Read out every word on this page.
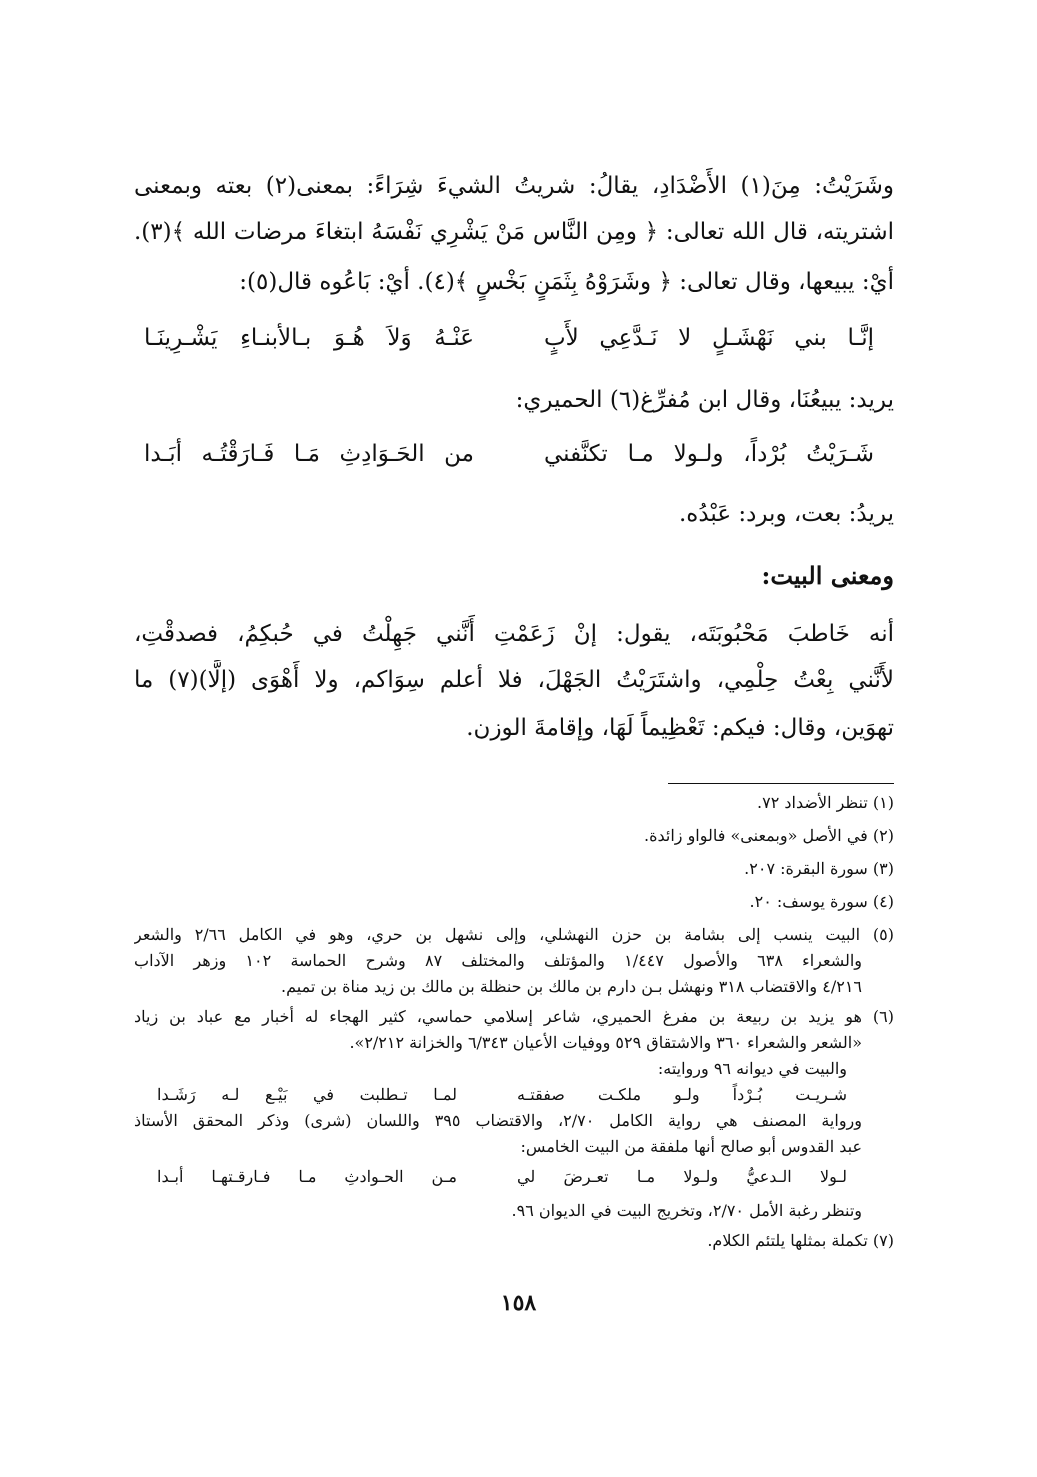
وشَرَيْتُ: مِنَ(١) الأَضْدَادِ، يقالُ: شريتُ الشيءَ شِرَاءً: بمعنى(٢) بعته وبمعنى
اشتريته، قال الله تعالى: ﴿ ومِن النَّاس مَنْ يَشْرِي نَفْسَهُ ابتغاءَ مرضات الله ﴾(٣).
أيْ: يبيعها، وقال تعالى: ﴿ وشَرَوْهُ بِثَمَنٍ بَخْسٍ ﴾(٤). أيْ: بَاعُوه قال(٥):
إنَّـا بني نَهْشَـلٍ لا نَـدَّعِي لأَبٍ
عَنْـهُ وَلاَ هُـوَ بـالأبنـاءِ يَشْـرِينَـا
يريد: يبيعُنَا، وقال ابن مُفرِّغ(٦) الحميري:
شَـرَيْتُ بُرْداً، ولـولا مـا تكنَّفني
من الحَـوَادِثِ مَـا فَـارَقْتُـه أبَـدا
يريدُ: بعت، وبرد: عَبْدُه.
ومعنى البيت:
أنه خَاطبَ مَحْبُوبَتَه، يقول: إنْ زَعَمْتِ أَنَّني جَهِلْتُ في حُبكِمُ، فصدقْتِ،
لأَنَّني بِعْتُ حِلْمِي، واشتَرَيْتُ الجَهْلَ، فلا أعلم سِوَاكم، ولا أَهْوَى (إلَّا)(٧) ما
تهوَين، وقال: فيكم: تَعْظِيماً لَهَا، وإقامةَ الوزن.
(١) تنظر الأضداد ٧٢.
(٢) في الأصل «وبمعنى» فالواو زائدة.
(٣) سورة البقرة: ٢٠٧.
(٤) سورة يوسف: ٢٠.
(٥) البيت ينسب إلى بشامة بن حزن النهشلي، وإلى نشهل بن حري، وهو في الكامل ٢/٦٦ والشعر
والشعراء ٦٣٨ والأصول ١/٤٤٧ والمؤتلف والمختلف ٨٧ وشرح الحماسة ١٠٢ وزهر الآداب
٤/٢١٦ والاقتضاب ٣١٨ ونهشل بـن دارم بن مالك بن حنظلة بن مالك بن زيد مناة بن تميم.
(٦) هو يزيد بن ربيعة بن مفرغ الحميري، شاعر إسلامي حماسي، كثير الهجاء له أخبار مع عباد بن زياد
«الشعر والشعراء ٣٦٠ والاشتقاق ٥٢٩ ووفيات الأعيان ٦/٣٤٣ والخزانة ٢/٢١٢».
والبيت في ديوانه ٩٦ وروايته:
شـريـت بُـرْداً ولـو ملكـت صفقتـه
لمـا تـطلبت في بَيْـع لـه رَشَـدا
ورواية المصنف هي رواية الكامل ٢/٧٠، والاقتضاب ٣٩٥ واللسان (شرى) وذكر المحقق الأستاذ
عبد القدوس أبو صالح أنها ملفقة من البيت الخامس:
لـولا الـدعيُّ ولـولا مـا تعـرضَ لي
مـن الحـوادثِ مـا فـارقـتهـا أبـدا
وتنظر رغبة الأمل ٢/٧٠، وتخريج البيت في الديوان ٩٦.
(٧) تكملة بمثلها يلتئم الكلام.
١٥٨
